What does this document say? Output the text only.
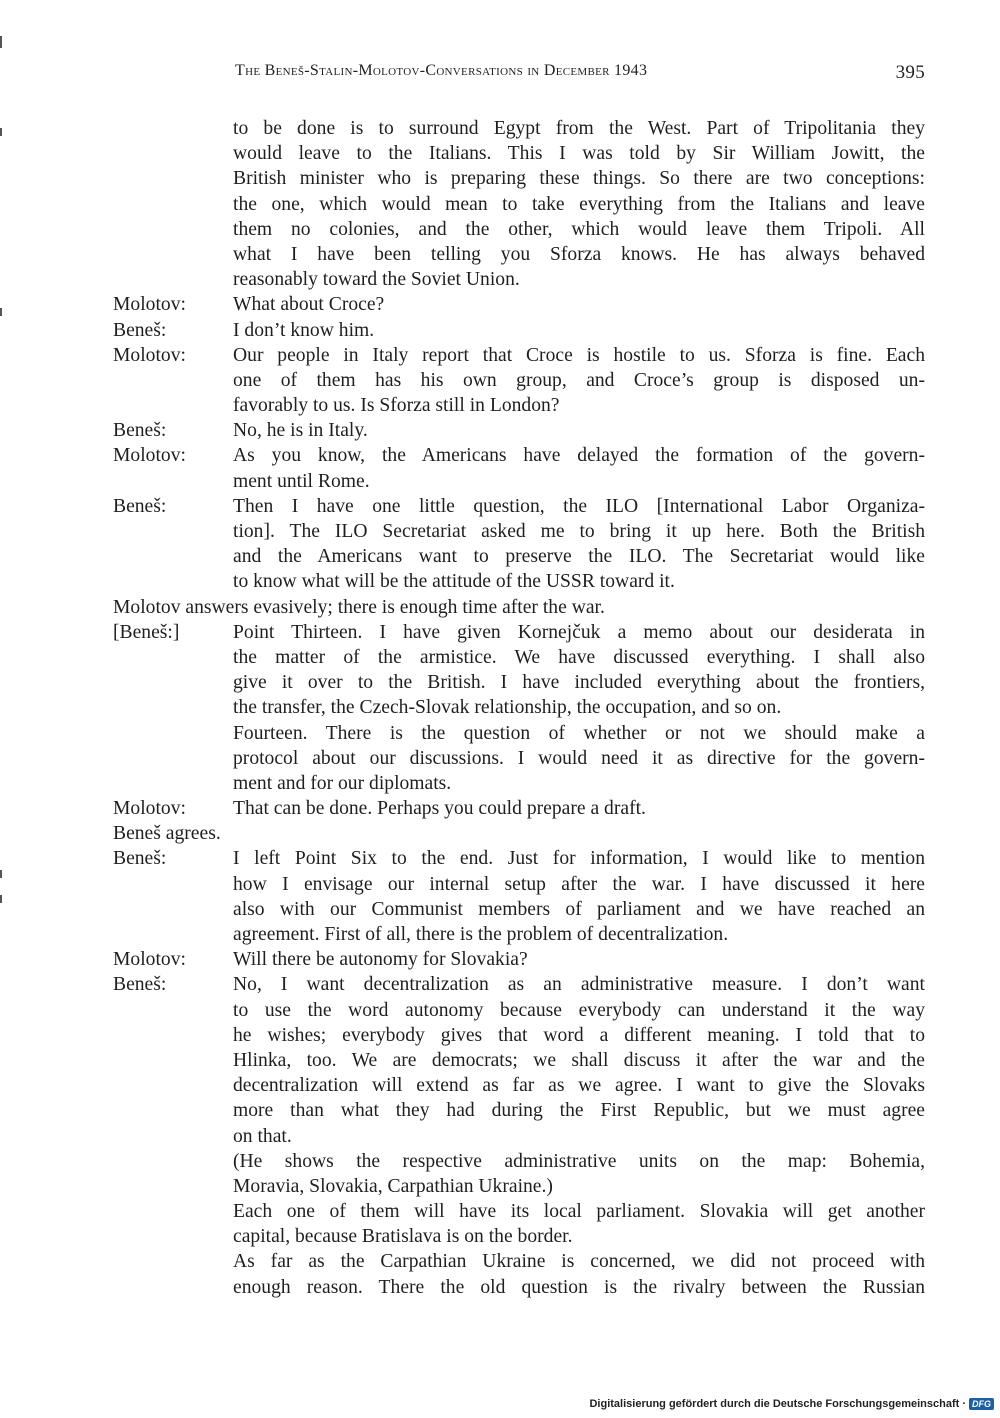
The Beneš-Stalin-Molotov-Conversations in December 1943	395
to be done is to surround Egypt from the West. Part of Tripolitania they
would leave to the Italians. This I was told by Sir William Jowitt, the
British minister who is preparing these things. So there are two conceptions:
the one, which would mean to take everything from the Italians and leave
them no colonies, and the other, which would leave them Tripoli. All
what I have been telling you Sforza knows. He has always behaved
reasonably toward the Soviet Union.
Molotov: What about Croce?
Beneš:	I don’t know him.
Molotov: Our people in Italy report that Croce is hostile to us. Sforza is fine. Each
one of them has his own group, and Croce’s group is disposed un-
favorably to us. Is Sforza still in London?
Beneš:	No, he is in Italy.
Molotov: As you know, the Americans have delayed the formation of the govern-
ment until Rome.
Beneš:	Then I have one little question, the ILO [International Labor Organiza-
tion]. The ILO Secretariat asked me to bring it up here. Both the British
and the Americans want to preserve the ILO. The Secretariat would like
to know what will be the attitude of the USSR toward it.
Molotov answers evasively; there is enough time after the war.
[Beneš:]	Point Thirteen. I have given Kornejčuk a memo about our desiderata in
the matter of the armistice. We have discussed everything. I shall also
give it over to the British. I have included everything about the frontiers,
the transfer, the Czech-Slovak relationship, the occupation, and so on.
Fourteen. There is the question of whether or not we should make a
protocol about our discussions. I would need it as directive for the govern-
ment and for our diplomats.
Molotov: That can be done. Perhaps you could prepare a draft.
Beneš agrees.
Beneš:	I left Point Six to the end. Just for information, I would like to mention
how I envisage our internal setup after the war. I have discussed it here
also with our Communist members of parliament and we have reached an
agreement. First of all, there is the problem of decentralization.
Molotov: Will there be autonomy for Slovakia?
Beneš:	No, I want decentralization as an administrative measure. I don’t want
to use the word autonomy because everybody can understand it the way
he wishes; everybody gives that word a different meaning. I told that to
Hlinka, too. We are democrats; we shall discuss it after the war and the
decentralization will extend as far as we agree. I want to give the Slovaks
more than what they had during the First Republic, but we must agree
on that.
(He shows the respective administrative units on the map: Bohemia,
Moravia, Slovakia, Carpathian Ukraine.)
Each one of them will have its local parliament. Slovakia will get another
capital, because Bratislava is on the border.
As far as the Carpathian Ukraine is concerned, we did not proceed with
enough reason. There the old question is the rivalry between the Russian
Digitalisierung gefördert durch die Deutsche Forschungsgemeinschaft · DFG
